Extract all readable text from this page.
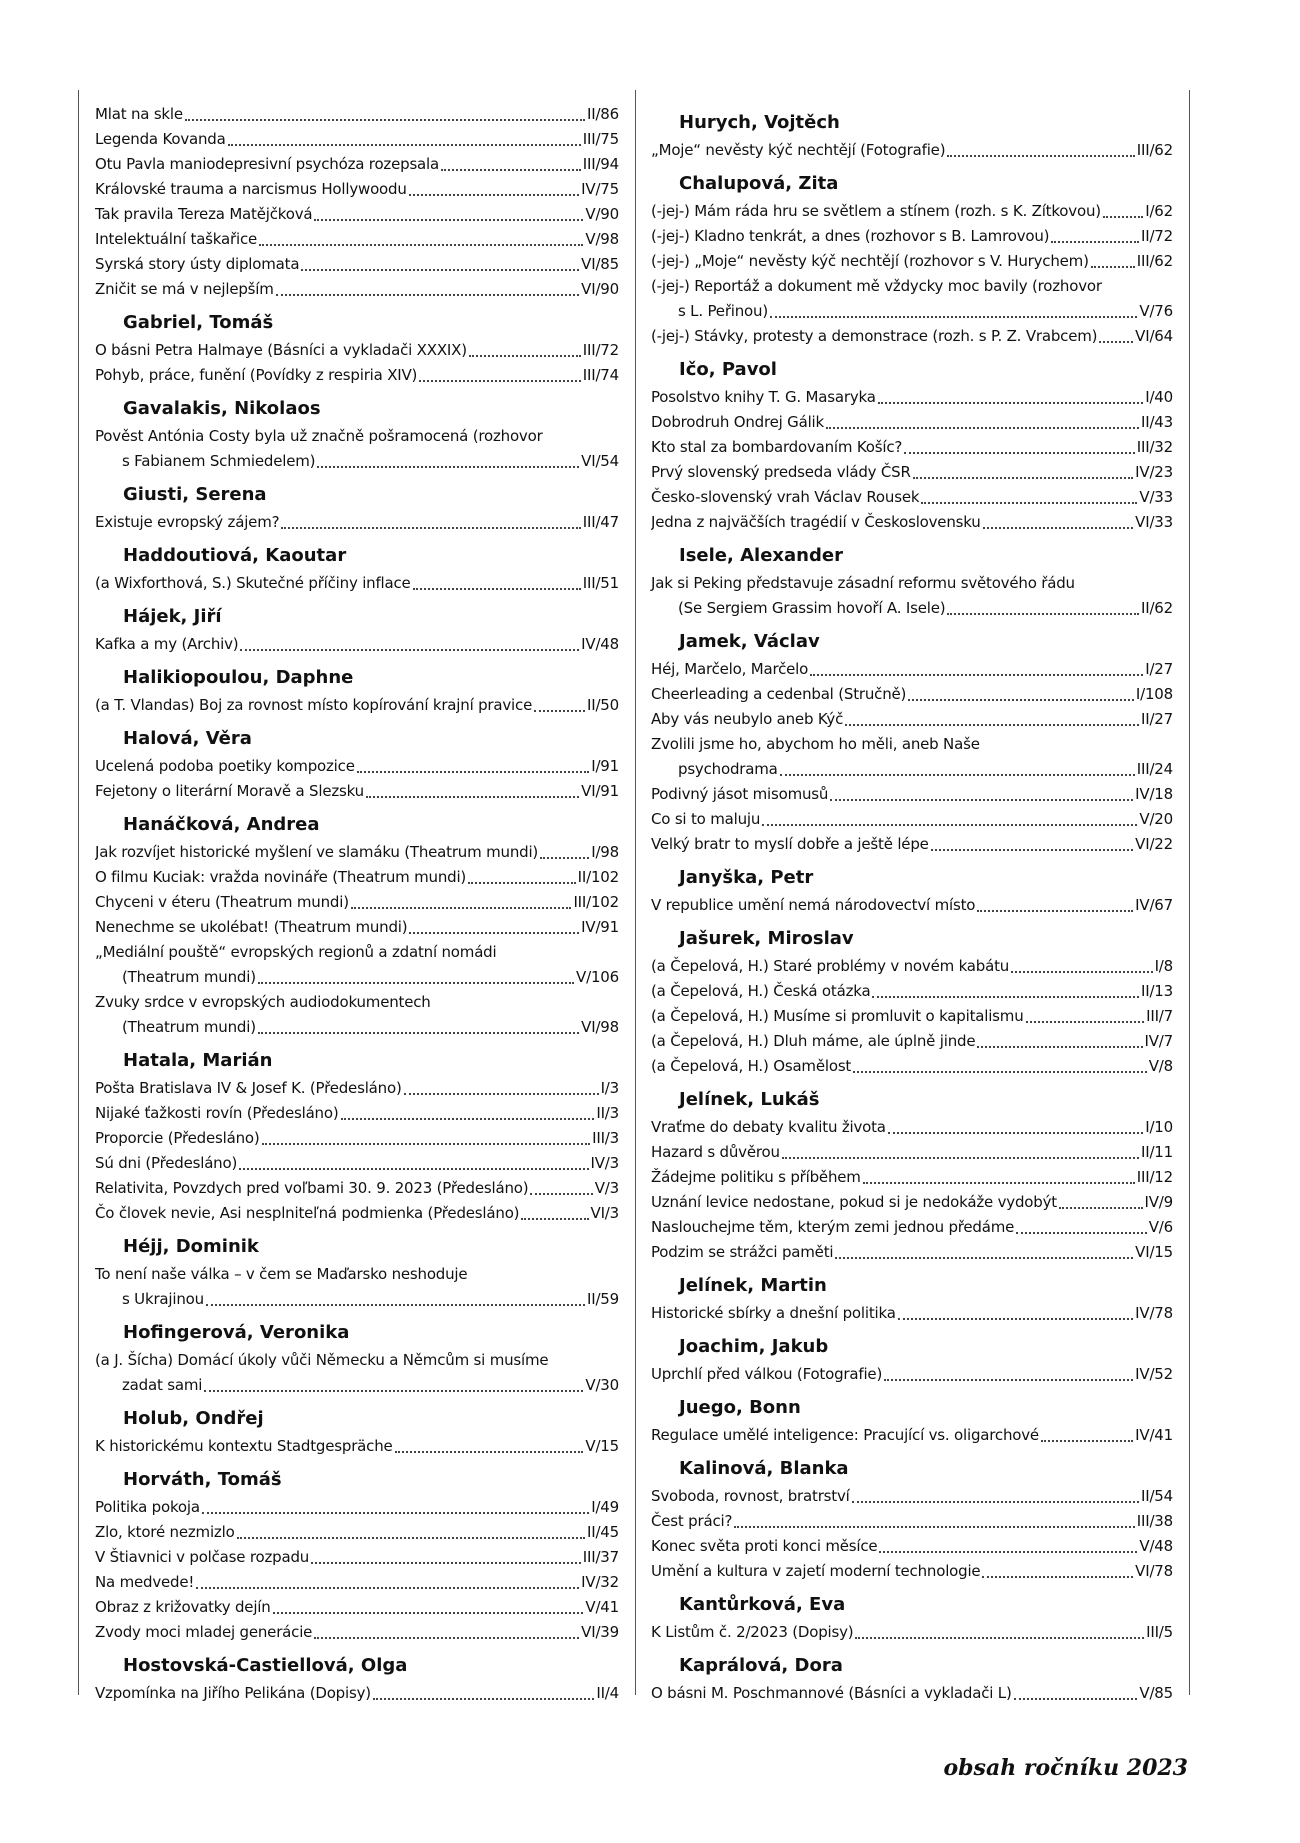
Mlat na skle	II/86
Legenda Kovanda	III/75
Otu Pavla maniodepresivní psychóza rozepsala	III/94
Královské trauma a narcismus Hollywoodu	IV/75
Tak pravila Tereza Matějčková	V/90
Intelektuální taškařice	V/98
Syrská story ústy diplomata	VI/85
Zničit se má v nejlepším	VI/90
Gabriel, Tomáš
O básni Petra Halmaye (Básníci a vykladači XXXIX)	III/72
Pohyb, práce, funění (Povídky z respiria XIV)	III/74
Gavalakis, Nikolaos
Pověst Antónia Costy byla už značně pošramocená (rozhovor
s Fabianem Schmiedelem)	VI/54
Giusti, Serena
Existuje evropský zájem?	III/47
Haddoutiová, Kaoutar
(a Wixforthová, S.) Skutečné příčiny inflace	III/51
Hájek, Jiří
Kafka a my (Archiv)	IV/48
Halikiopoulou, Daphne
(a T. Vlandas) Boj za rovnost místo kopírování krajní pravice	II/50
Halová, Věra
Ucelená podoba poetiky kompozice	I/91
Fejetony o literární Moravě a Slezsku	VI/91
Hanáčková, Andrea
Jak rozvíjet historické myšlení ve slamáku (Theatrum mundi)	I/98
O filmu Kuciak: vražda novináře (Theatrum mundi)	II/102
Chyceni v éteru (Theatrum mundi)	III/102
Nenechme se ukolébat! (Theatrum mundi)	IV/91
„Mediální pouště“ evropských regionů a zdatní nomádi
(Theatrum mundi)	V/106
Zvuky srdce v evropských audiodokumentech
(Theatrum mundi)	VI/98
Hatala, Marián
Pošta Bratislava IV & Josef K. (Předesláno)	I/3
Nijaké ťažkosti rovín (Předesláno)	II/3
Proporcie (Předesláno)	III/3
Sú dni (Předesláno)	IV/3
Relativita, Povzdych pred voľbami 30. 9. 2023 (Předesláno)	V/3
Čo človek nevie, Asi nesplniteľná podmienka (Předesláno)	VI/3
Héjj, Dominik
To není naše válka – v čem se Maďarsko neshoduje
s Ukrajinou	II/59
Hofingerová, Veronika
(a J. Šícha) Domácí úkoly vůči Německu a Němcům si musíme
zadat sami	V/30
Holub, Ondřej
K historickému kontextu Stadtgespräche	V/15
Horváth, Tomáš
Politika pokoja	I/49
Zlo, ktoré nezmizlo	II/45
V Štiavnici v polčase rozpadu	III/37
Na medvede!	IV/32
Obraz z križovatky dejín	V/41
Zvody moci mladej generácie	VI/39
Hostovská-Castiellová, Olga
Vzpomínka na Jiřího Pelikána (Dopisy)	II/4
Hurych, Vojtěch
„Moje“ nevěsty kýč nechtějí (Fotografie)	III/62
Chalupová, Zita
(-jej-) Mám ráda hru se světlem a stínem (rozh. s K. Zítkovou)	I/62
(-jej-) Kladno tenkrát, a dnes (rozhovor s B. Lamrovou)	II/72
(-jej-) „Moje“ nevěsty kýč nechtějí (rozhovor s V. Hurychem)	III/62
(-jej-) Reportáž a dokument mě vždycky moc bavily (rozhovor
s L. Peřinou)	V/76
(-jej-) Stávky, protesty a demonstrace (rozh. s P. Z. Vrabcem)	VI/64
Ičo, Pavol
Posolstvo knihy T. G. Masaryka	I/40
Dobrodruh Ondrej Gálik	II/43
Kto stal za bombardovaním Košíc?	III/32
Prvý slovenský predseda vlády ČSR	IV/23
Česko-slovenský vrah Václav Rousek	V/33
Jedna z najväčších tragédií v Československu	VI/33
Isele, Alexander
Jak si Peking představuje zásadní reformu světového řádu
(Se Sergiem Grassim hovoří A. Isele)	II/62
Jamek, Václav
Héj, Marčelo, Marčelo	I/27
Cheerleading a cedenbal (Stručně)	I/108
Aby vás neubylo aneb Kýč	II/27
Zvolili jsme ho, abychom ho měli, aneb Naše
psychodrama	III/24
Podivný jásot misomusů	IV/18
Co si to maluju	V/20
Velký bratr to myslí dobře a ještě lépe	VI/22
Janyška, Petr
V republice umění nemá národovectví místo	IV/67
Jašurek, Miroslav
(a Čepelová, H.) Staré problémy v novém kabátu	I/8
(a Čepelová, H.) Česká otázka	II/13
(a Čepelová, H.) Musíme si promluvit o kapitalismu	III/7
(a Čepelová, H.) Dluh máme, ale úplně jinde	IV/7
(a Čepelová, H.) Osamělost	V/8
Jelínek, Lukáš
Vraťme do debaty kvalitu života	I/10
Hazard s důvěrou	II/11
Žádejme politiku s příběhem	III/12
Uznání levice nedostane, pokud si je nedokáže vydobýt	IV/9
Naslouchejme těm, kterým zemi jednou předáme	V/6
Podzim se strážci paměti	VI/15
Jelínek, Martin
Historické sbírky a dnešní politika	IV/78
Joachim, Jakub
Uprchlí před válkou (Fotografie)	IV/52
Juego, Bonn
Regulace umělé inteligence: Pracující vs. oligarchové	IV/41
Kalinová, Blanka
Svoboda, rovnost, bratrství	II/54
Čest práci?	III/38
Konec světa proti konci měsíce	V/48
Umění a kultura v zajetí moderní technologie	VI/78
Kantůrková, Eva
K Listům č. 2/2023 (Dopisy)	III/5
Kaprálová, Dora
O básni M. Poschmannové (Básníci a vykladači L)	V/85
obsah ročníku 2023
